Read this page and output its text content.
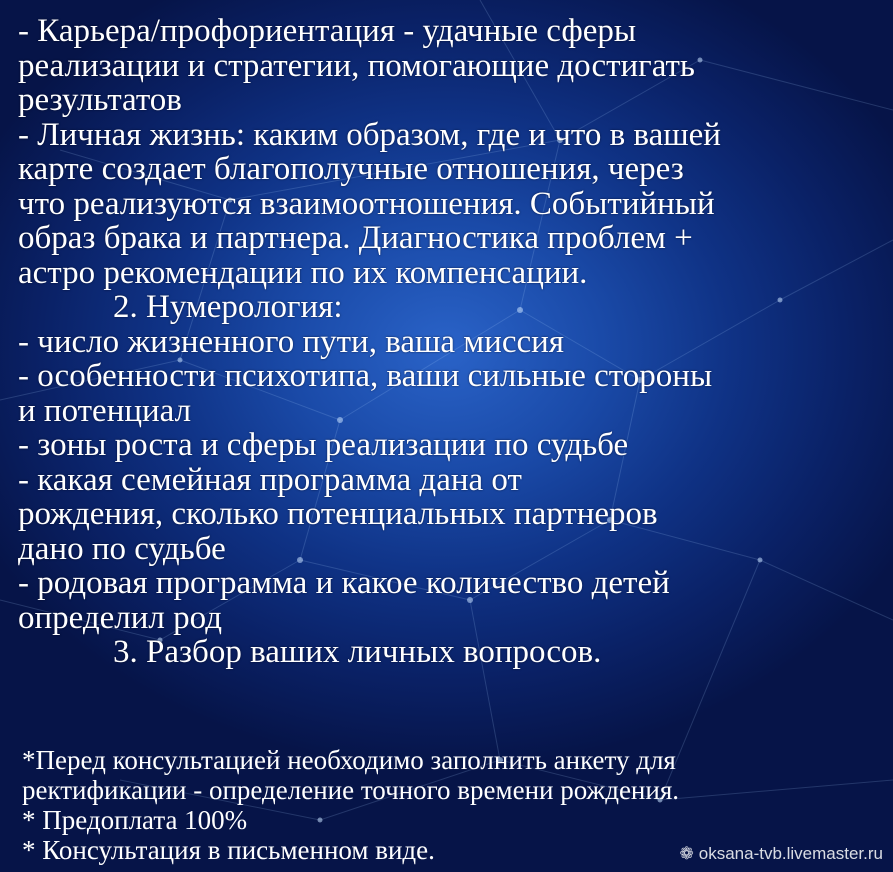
- Карьера/профориентация - удачные сферы
реализации и стратегии, помогающие достигать
результатов
- Личная жизнь: каким образом, где и что в вашей
карте создает благополучные отношения, через
что реализуются взаимоотношения. Событийный
образ брака и партнера. Диагностика проблем +
астро рекомендации по их компенсации.
2. Нумерология:
- число жизненного пути, ваша миссия
- особенности психотипа, ваши сильные стороны
и потенциал
- зоны роста и сферы реализации по судьбе
- какая семейная программа дана от
рождения, сколько потенциальных партнеров
дано по судьбе
- родовая программа и какое количество детей
определил род
3. Разбор ваших личных вопросов.
*Перед консультацией необходимо заполнить анкету для
ректификации - определение точного времени рождения.
* Предоплата 100%
* Консультация в письменном виде.	❁ oksana-tvb.livemaster.ru
